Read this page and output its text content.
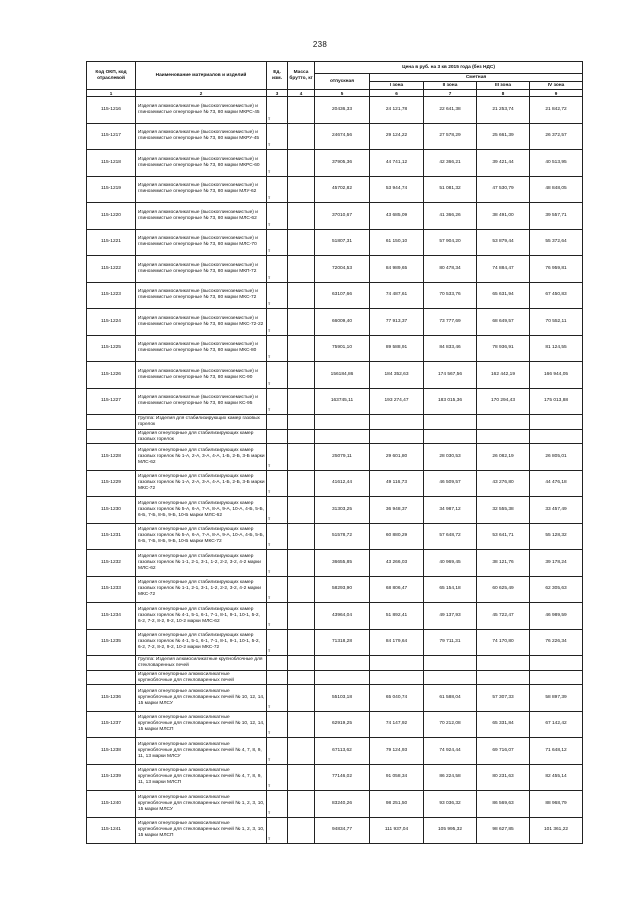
238
Код ОКП, код отраслевой	Наименование материалов и изделий	Ед. изм.	Масса брутто, кг	Цена в руб. на 3 кв 2015 года (без НДС)				
				отпускная	Сметная			
					I зона	II зона	III зона	IV зона
1	2	3	4	5	6	7	8	9
115-1216	Изделия алюмосиликатные (высокоглиноземистые) и глиноземистые огнеупорные № 73, 80 марки МКРС-45	т		20436,33	24 121,78	22 641,38	21 253,74	21 842,72
115-1217	Изделия алюмосиликатные (высокоглиноземистые) и глиноземистые огнеупорные № 73, 80 марки МКРУ-45	т		24674,56	29 124,22	27 578,29	25 661,39	26 372,57
115-1218	Изделия алюмосиликатные (высокоглиноземистые) и глиноземистые огнеупорные № 73, 80 марки МКРС-60	т		37905,36	44 741,12	42 366,21	39 421,44	40 513,95
115-1219	Изделия алюмосиликатные (высокоглиноземистые) и глиноземистые огнеупорные № 73, 80 марки МЛУ-62	т		45702,82	53 944,74	51 081,32	47 530,79	48 848,05
115-1220	Изделия алюмосиликатные (высокоглиноземистые) и глиноземистые огнеупорные № 73, 80 марки МЛС-62	т		37010,67	43 685,09	41 366,26	38 491,00	39 557,71
115-1221	Изделия алюмосиликатные (высокоглиноземистые) и глиноземистые огнеупорные № 73, 80 марки МЛС-70	т		51807,31	61 150,10	57 904,20	53 879,44	55 372,64
115-1222	Изделия алюмосиликатные (высокоглиноземистые) и глиноземистые огнеупорные № 73, 80 марки МКП-72	т		72004,53	84 989,65	80 478,34	74 884,47	76 959,81
115-1223	Изделия алюмосиликатные (высокоглиноземистые) и глиноземистые огнеупорные № 73, 80 марки МКС-72	т		63107,66	74 487,61	70 533,76	65 631,94	67 450,83
115-1224	Изделия алюмосиликатные (высокоглиноземистые) и глиноземистые огнеупорные № 73, 80 марки МКС-72-22	т		66009,40	77 913,37	73 777,69	68 649,57	70 552,11
115-1225	Изделия алюмосиликатные (высокоглиноземистые) и глиноземистые огнеупорные № 73, 80 марки МКС-80	т		75901,10	89 588,91	84 833,46	78 936,91	81 124,55
115-1226	Изделия алюмосиликатные (высокоглиноземистые) и глиноземистые огнеупорные № 73, 80 марки КС-90	т		156184,86	184 352,63	174 567,56	162 442,19	166 944,05
115-1227	Изделия алюмосиликатные (высокоглиноземистые) и глиноземистые огнеупорные № 73, 80 марки КС-95	т		163745,11	193 274,47	183 015,36	170 294,43	175 013,88
	Группа: Изделия для стабилизирующих камер газовых горелок							
	Изделия огнеупорные для стабилизирующих камер газовых горелок							
115-1228	Изделия огнеупорные для стабилизирующих камер газовых горелок № 1-А, 2-А, 3-А, 4-А, 1-Б, 2-Б, 3-Б марки МЛС-62	т		25079,11	29 601,80	28 030,53	26 082,19	26 805,01
115-1229	Изделия огнеупорные для стабилизирующих камер газовых горелок № 1-А, 2-А, 3-А, 4-А, 1-Б, 2-Б, 3-Б марки МКС-72	т		41612,44	49 116,73	46 509,57	43 276,80	44 476,18
115-1230	Изделия огнеупорные для стабилизирующих камер газовых горелок № 5-А, 6-А, 7-А, 8-А, 9-А, 10-А, 4-Б, 5-Б, 6-Б, 7-Б, 8-Б, 9-Б, 10-Б марки МЛС-62	т		31303,25	36 948,37	34 987,12	32 555,38	33 457,49
115-1231	Изделия огнеупорные для стабилизирующих камер газовых горелок № 5-А, 6-А, 7-А, 8-А, 9-А, 10-А, 4-Б, 5-Б, 6-Б, 7-Б, 8-Б, 9-Б, 10-Б марки МКС-72	т		51578,72	60 880,29	57 648,72	53 641,71	55 128,32
115-1232	Изделия огнеупорные для стабилизирующих камер газовых горелок № 1-1, 2-1, 3-1, 1-2, 2-2, 3-2, 4-2 марки МЛС-62	т		36655,85	43 266,03	40 969,45	38 121,76	39 178,24
115-1233	Изделия огнеупорные для стабилизирующих камер газовых горелок № 1-1, 2-1, 3-1, 1-2, 2-2, 3-2, 4-2 марки МКС-72	т		58293,90	68 806,47	65 154,18	60 625,49	62 305,63
115-1234	Изделия огнеупорные для стабилизирующих камер газовых горелок № 4-1, 5-1, 6-1, 7-1, 8-1, 9-1, 10-1, 5-2, 6-2, 7-2, 8-2, 9-2, 10-2 марки МЛС-62	т		43964,04	51 892,41	49 137,93	45 722,47	46 989,59
115-1235	Изделия огнеупорные для стабилизирующих камер газовых горелок № 4-1, 5-1, 6-1, 7-1, 8-1, 9-1, 10-1, 5-2, 6-2, 7-2, 8-2, 9-2, 10-2 марки МКС-72	т		71318,28	84 179,64	79 711,31	74 170,80	76 226,34
	Группа: Изделия алюмосиликатные крупноблочные для стекловаренных печей							
	Изделия огнеупорные алюмосиликатные крупноблочные для стекловаренных печей							
115-1236	Изделия огнеупорные алюмосиликатные крупноблочные для стекловаренных печей № 10, 12, 14, 15 марки МЛСУ	т		55103,18	65 040,74	61 588,04	57 307,33	58 897,39
115-1237	Изделия огнеупорные алюмосиликатные крупноблочные для стекловаренных печей № 10, 12, 14, 15 марки МЛСП	т		62919,25	74 147,92	70 212,08	65 331,84	67 142,42
115-1238	Изделия огнеупорные алюмосиликатные крупноблочные для стекловаренных печей № 4, 7, 8, 9, 11, 13 марки МЛСУ	т		67113,62	79 124,93	74 924,44	69 716,07	71 648,12
115-1239	Изделия огнеупорные алюмосиликатные крупноблочные для стекловаренных печей № 4, 7, 8, 9, 11, 13 марки МЛСП	т		77146,02	91 058,34	86 224,58	80 231,63	82 455,14
115-1240	Изделия огнеупорные алюмосиликатные крупноблочные для стекловаренных печей № 1, 2, 3, 10, 15 марки МЛСУ	т		83240,26	98 251,50	93 036,32	86 569,63	88 968,79
115-1241	Изделия огнеупорные алюмосиликатные крупноблочные для стекловаренных печей № 1, 2, 3, 10, 15 марки МЛСП	т		94834,77	111 937,04	105 995,32	98 627,85	101 361,22
